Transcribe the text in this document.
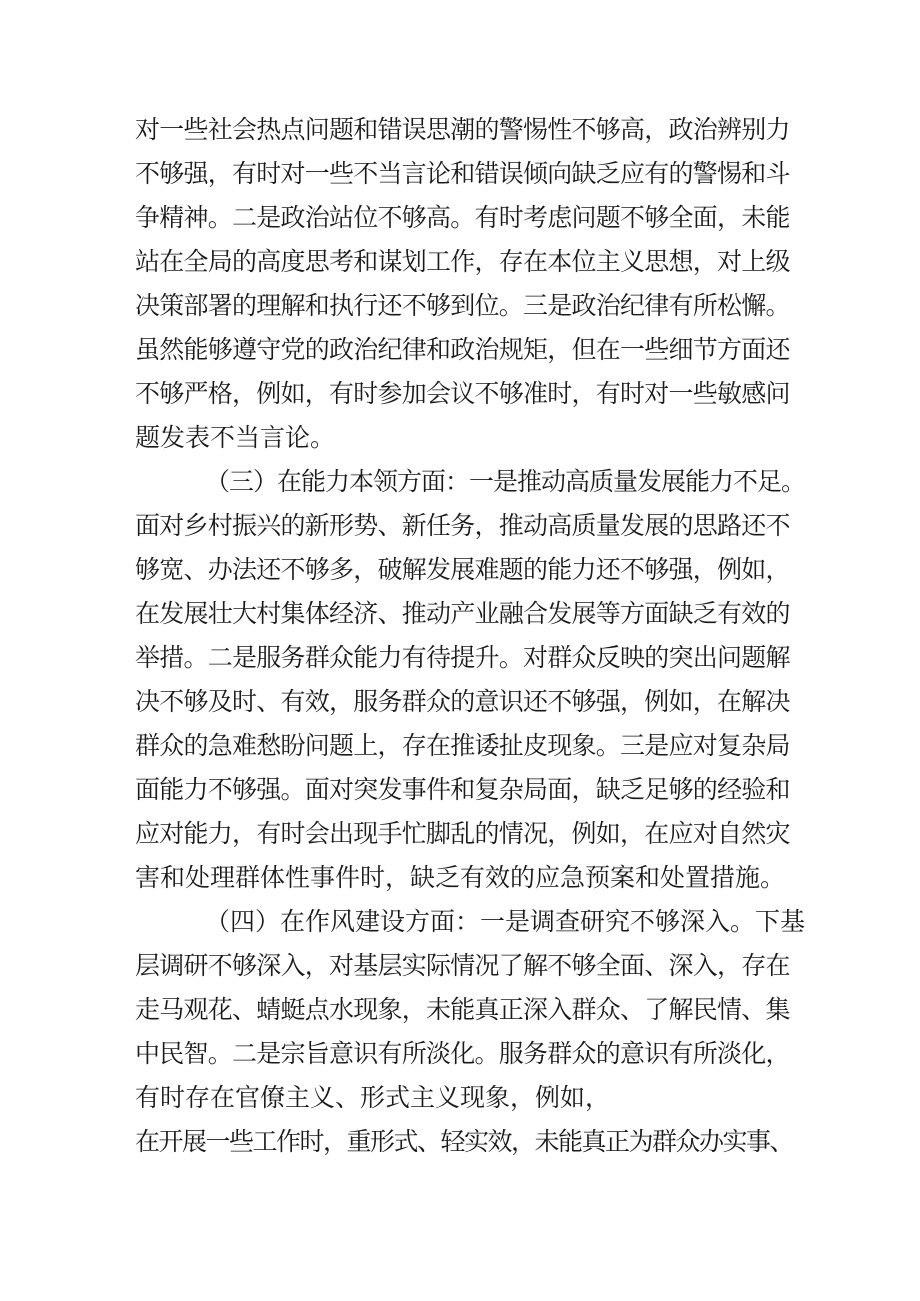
对一些社会热点问题和错误思潮的警惕性不够高，政治辨别力
不够强，有时对一些不当言论和错误倾向缺乏应有的警惕和斗
争精神。二是政治站位不够高。有时考虑问题不够全面，未能
站在全局的高度思考和谋划工作，存在本位主义思想，对上级
决策部署的理解和执行还不够到位。三是政治纪律有所松懈。
虽然能够遵守党的政治纪律和政治规矩，但在一些细节方面还
不够严格，例如，有时参加会议不够准时，有时对一些敏感问
题发表不当言论。
（三）在能力本领方面：一是推动高质量发展能力不足。
面对乡村振兴的新形势、新任务，推动高质量发展的思路还不
够宽、办法还不够多，破解发展难题的能力还不够强，例如，
在发展壮大村集体经济、推动产业融合发展等方面缺乏有效的
举措。二是服务群众能力有待提升。对群众反映的突出问题解
决不够及时、有效，服务群众的意识还不够强，例如，在解决
群众的急难愁盼问题上，存在推诿扯皮现象。三是应对复杂局
面能力不够强。面对突发事件和复杂局面，缺乏足够的经验和
应对能力，有时会出现手忙脚乱的情况，例如，在应对自然灾
害和处理群体性事件时，缺乏有效的应急预案和处置措施。
（四）在作风建设方面：一是调查研究不够深入。下基
层调研不够深入，对基层实际情况了解不够全面、深入，存在
走马观花、蜻蜓点水现象，未能真正深入群众、了解民情、集
中民智。二是宗旨意识有所淡化。服务群众的意识有所淡化，
有时存在官僚主义、形式主义现象，例如，
在开展一些工作时，重形式、轻实效，未能真正为群众办实事、
